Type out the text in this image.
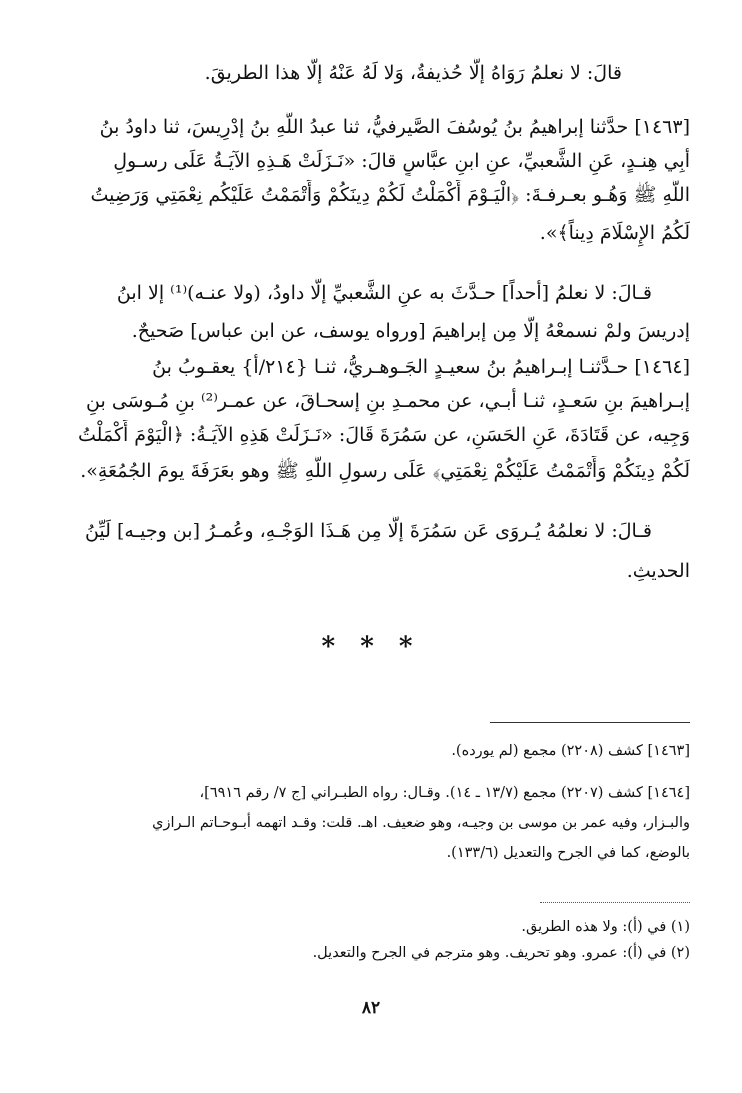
قالَ: لا نعلمُ رَوَاهُ إلَّا حُذيفةُ، وَلا لَهُ عَنْهُ إلَّا هذا الطريقَ.
[١٤٦٣] حدَّثنا إبراهيمُ بنُ يُوسُفَ الصَّيرفيُّ، ثنا عبدُ اللَّهِ بنُ إدْرِيسَ، ثنا داودُ بنُ
أبِي هِنـدٍ، عَنِ الشَّعبيِّ، عنِ ابنِ عبَّاسٍ قالَ: «نَـزَلَتْ هَـذِهِ الآيَـةُ عَلَى رسـولِ
اللَّهِ ﷺ وَهُـو بعـرفـةَ: ﴿الْيَـوْمَ أَكْمَلْتُ لَكُمْ دِينَكُمْ وَأَتْمَمْتُ عَلَيْكُم نِعْمَتِي وَرَضِيتُ
لَكُمُ الإِسْلَامَ دِيناً﴾».
قـالَ: لا نعلمُ [أحداً] حـدَّثَ به عنِ الشَّعبيِّ إلَّا داودُ، (ولا عنـه)⁽¹⁾ إلا ابنُ
إدريسَ ولمْ نسمعْهُ إلَّا مِن إبراهيمَ [ورواه يوسف، عن ابن عباس] صَحيحٌ.
[١٤٦٤] حـدَّثنـا إبـراهيمُ بنُ سعيـدٍ الجَـوهـريُّ، ثنـا {٢١٤/أ} يعقـوبُ بنُ
إبـراهيمَ بنِ سَعـدٍ، ثنـا أبـي، عن محمـدِ بنِ إسحـاقَ، عن عمـر⁽²⁾ بنِ مُـوسَى بنِ
وَجِيه، عن قَتَادَةَ، عَنِ الحَسَنِ، عن سَمُرَةَ قَالَ: «نَـزَلَتْ هَذِهِ الآيَـةُ: ﴿الْيَوْمَ أَكْمَلْتُ
لَكُمْ دِينَكُمْ وَأَتْمَمْتُ عَلَيْكُمْ نِعْمَتِي﴾ عَلَى رسولِ اللَّهِ ﷺ وهو بعَرَفَةَ يومَ الجُمُعَةِ».
قـالَ: لا نعلمُهُ يُـروَى عَن سَمُرَةَ إلَّا مِن هَـذَا الوَجْـهِ، وعُمـرُ [بن وجيـه] لَيِّنُ
الحديثِ.
* * *
[١٤٦٣] كشف (٢٢٠٨) مجمع (لم يورده).
[١٤٦٤] كشف (٢٢٠٧) مجمع (١٣/٧ ـ ١٤). وقـال: رواه الطبـراني [ج ٧/ رقم ٦٩١٦]،
والبـزار، وفيه عمر بن موسى بن وجيـه، وهو ضعيف. اهـ. قلت: وقـد اتهمه أبـوحـاتم الـرازي
بالوضع، كما في الجرح والتعديل (١٣٣/٦).
(١) في (أ): ولا هذه الطريق.
(٢) في (أ): عمرو. وهو تحريف. وهو مترجم في الجرح والتعديل.
٨٢
